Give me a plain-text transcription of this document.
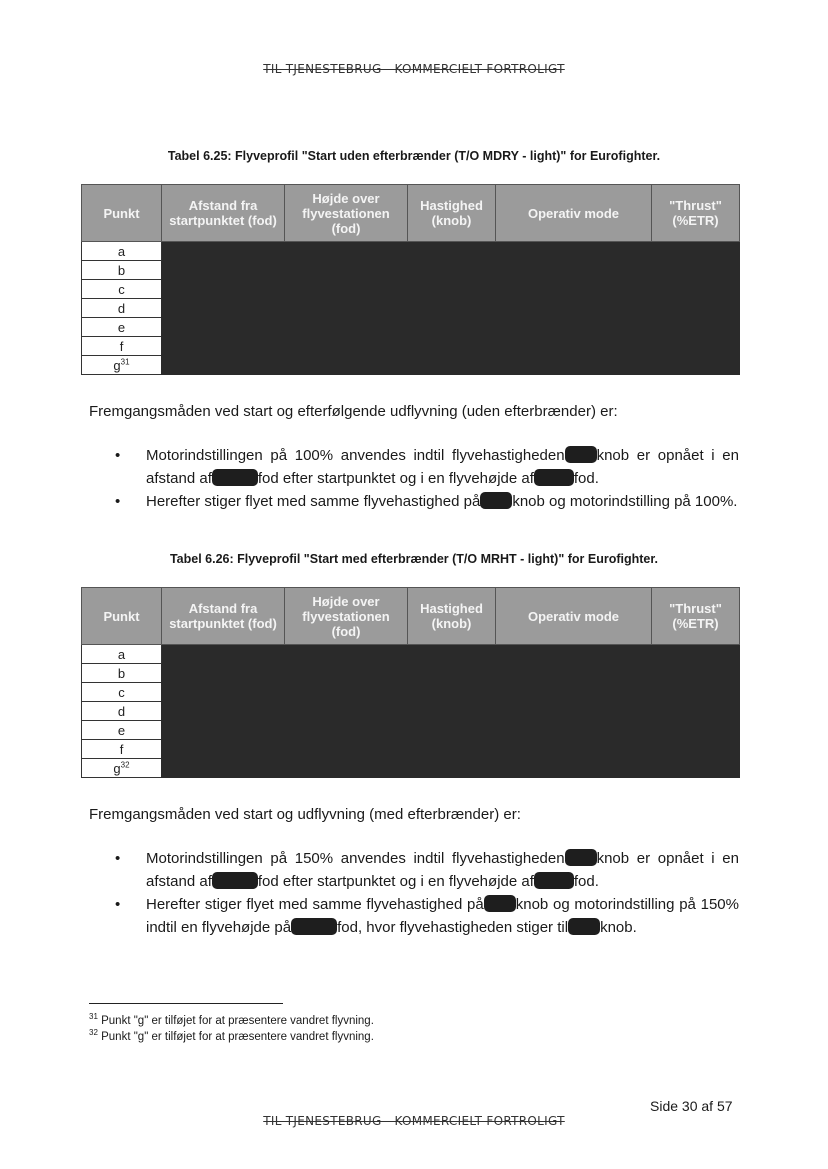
TIL TJENESTEBRUG - KOMMERCIELT FORTROLIGT
Tabel 6.25: Flyveprofil "Start uden efterbrænder (T/O MDRY - light)" for Eurofighter.
Punkt	Afstand fra startpunktet (fod)	Højde over flyvestationen (fod)	Hastighed (knob)	Operativ mode	"Thrust" (%ETR)
a					
b					
c					
d					
e					
f					
$g^{31}$
Fremgangsmåden ved start og efterfølgende udflyvning (uden efterbrænder) er:
• Motorindstillingen på 100% anvendes indtil flyvehastigheden knob er opnået i en afstand af	fod efter startpunktet og i en flyvehøjde af	fod.
• Herefter stiger flyet med samme flyvehastighed på knob og motorindstilling på 100%.
Tabel 6.26: Flyveprofil "Start med efterbrænder (T/O MRHT - light)" for Eurofighter.
Punkt	Afstand fra startpunktet (fod)	Højde over flyvestationen (fod)	Hastighed (knob)	Operativ mode	"Thrust" (%ETR)
a					
b					
c					
d					
e					
f					
$g^{32}$
Fremgangsmåden ved start og udflyvning (med efterbrænder) er:
• Motorindstillingen på 150% anvendes indtil flyvehastigheden knob er opnået i en afstand af	fod efter startpunktet og i en flyvehøjde af	fod.
• Herefter stiger flyet med samme flyvehastighed på knob og motorindstilling på 150% indtil en flyvehøjde på	fod, hvor flyvehastigheden stiger til knob.
$^{31}$ Punkt "g" er tilføjet for at præsentere vandret flyvning.
$^{32}$ Punkt "g" er tilføjet for at præsentere vandret flyvning.
Side 30 af 57
TIL TJENESTEBRUG - KOMMERCIELT FORTROLIGT
